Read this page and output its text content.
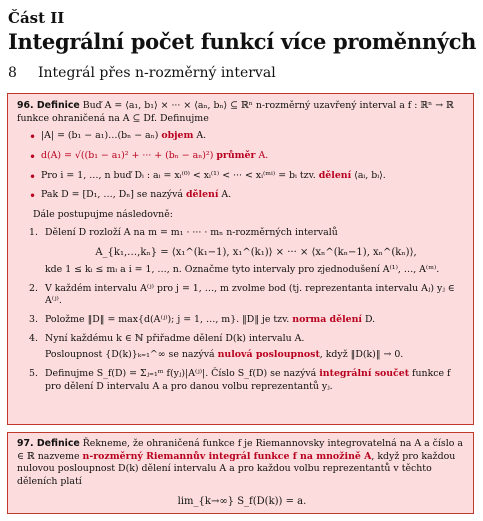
Část II
Integrální počet funkcí více proměnných
8 Integrál přes n-rozměrný interval
96. Definice Buď A = ⟨a₁, b₁⟩ × ··· × ⟨aₙ, bₙ⟩ ⊆ ℝⁿ n-rozměrný uzavřený interval a f : ℝⁿ → ℝ funkce ohraničená na A ⊆ Df. Definujme
• |A| = (b₁ − a₁)…(bₙ − aₙ) objem A.
• d(A) = √((b₁ − a₁)² + ··· + (bₙ − aₙ)²) průměr A.
• Pro i = 1, …, n buď Dᵢ : aᵢ = xᵢ⁽⁰⁾ < xᵢ⁽¹⁾ < ··· < xᵢ⁽ᵐⁱ⁾ = bᵢ tzv. dělení ⟨aᵢ, bᵢ⟩.
• Pak D = [D₁, …, Dₙ] se nazývá dělení A.
Dále postupujme následovně:
1. Dělení D rozloží A na m = m₁ · ··· · mₙ n-rozměrných intervalů
A_{k₁,…,kₙ} = ⟨x₁^(k₁−1), x₁^(k₁)⟩ × ··· × ⟨xₙ^(kₙ−1), xₙ^(kₙ)⟩,
kde 1 ≤ kᵢ ≤ mᵢ a i = 1, …, n. Označme tyto intervaly pro zjednodušení A⁽¹⁾, …, A⁽ᵐ⁾.
2. V každém intervalu A⁽ʲ⁾ pro j = 1, …, m zvolme bod (tj. reprezentanta intervalu Aⱼ) yⱼ ∈ A⁽ʲ⁾.
3. Položme ‖D‖ = max{d(A⁽ʲ⁾); j = 1, …, m}. ‖D‖ je tzv. norma dělení D.
4. Nyní každému k ∈ ℕ přiřadme dělení D(k) intervalu A.
Posloupnost {D(k)}ₖ₌₁^∞ se nazývá nulová posloupnost, když ‖D(k)‖ → 0.
5. Definujme S_f(D) = Σⱼ₌₁ᵐ f(yⱼ)|A⁽ʲ⁾|. Číslo S_f(D) se nazývá integrální součet funkce f pro dělení D intervalu A a pro danou volbu reprezentantů yⱼ.
97. Definice Řekneme, že ohraničená funkce f je Riemannovsky integrovatelná na A a číslo a ∈ ℝ nazveme n-rozměrný Riemannův integrál funkce f na množině A, když pro každou nulovou posloupnost D(k) dělení intervalu A a pro každou volbu reprezentantů v těchto děleních platí
lim_{k→∞} S_f(D(k)) = a.
